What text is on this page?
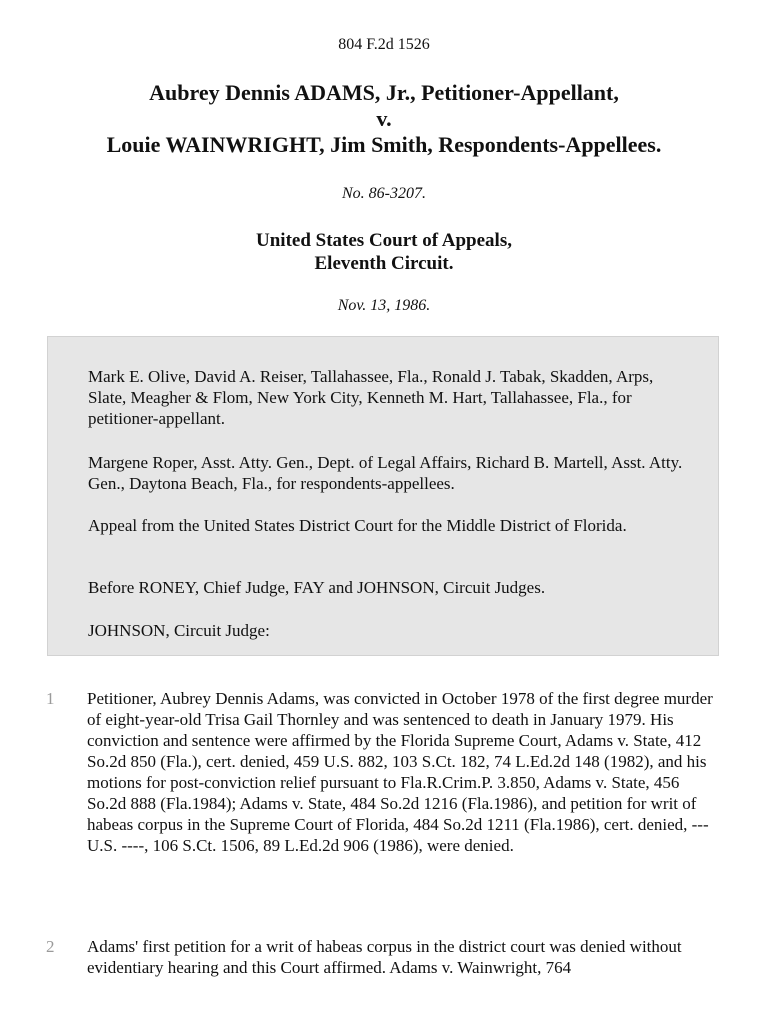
804 F.2d 1526
Aubrey Dennis ADAMS, Jr., Petitioner-Appellant,
v.
Louie WAINWRIGHT, Jim Smith, Respondents-Appellees.
No. 86-3207.
United States Court of Appeals,
Eleventh Circuit.
Nov. 13, 1986.

Mark E. Olive, David A. Reiser, Tallahassee, Fla., Ronald J. Tabak, Skadden, Arps, Slate, Meagher & Flom, New York City, Kenneth M. Hart, Tallahassee, Fla., for petitioner-appellant.

Margene Roper, Asst. Atty. Gen., Dept. of Legal Affairs, Richard B. Martell, Asst. Atty. Gen., Daytona Beach, Fla., for respondents-appellees.

Appeal from the United States District Court for the Middle District of Florida.

Before RONEY, Chief Judge, FAY and JOHNSON, Circuit Judges.

JOHNSON, Circuit Judge:

1 Petitioner, Aubrey Dennis Adams, was convicted in October 1978 of the first degree murder of eight-year-old Trisa Gail Thornley and was sentenced to death in January 1979. His conviction and sentence were affirmed by the Florida Supreme Court, Adams v. State, 412 So.2d 850 (Fla.), cert. denied, 459 U.S. 882, 103 S.Ct. 182, 74 L.Ed.2d 148 (1982), and his motions for post-conviction relief pursuant to Fla.R.Crim.P. 3.850, Adams v. State, 456 So.2d 888 (Fla.1984); Adams v. State, 484 So.2d 1216 (Fla.1986), and petition for writ of habeas corpus in the Supreme Court of Florida, 484 So.2d 1211 (Fla.1986), cert. denied, --- U.S. ----, 106 S.Ct. 1506, 89 L.Ed.2d 906 (1986), were denied.

2 Adams' first petition for a writ of habeas corpus in the district court was denied without evidentiary hearing and this Court affirmed. Adams v. Wainwright, 764
